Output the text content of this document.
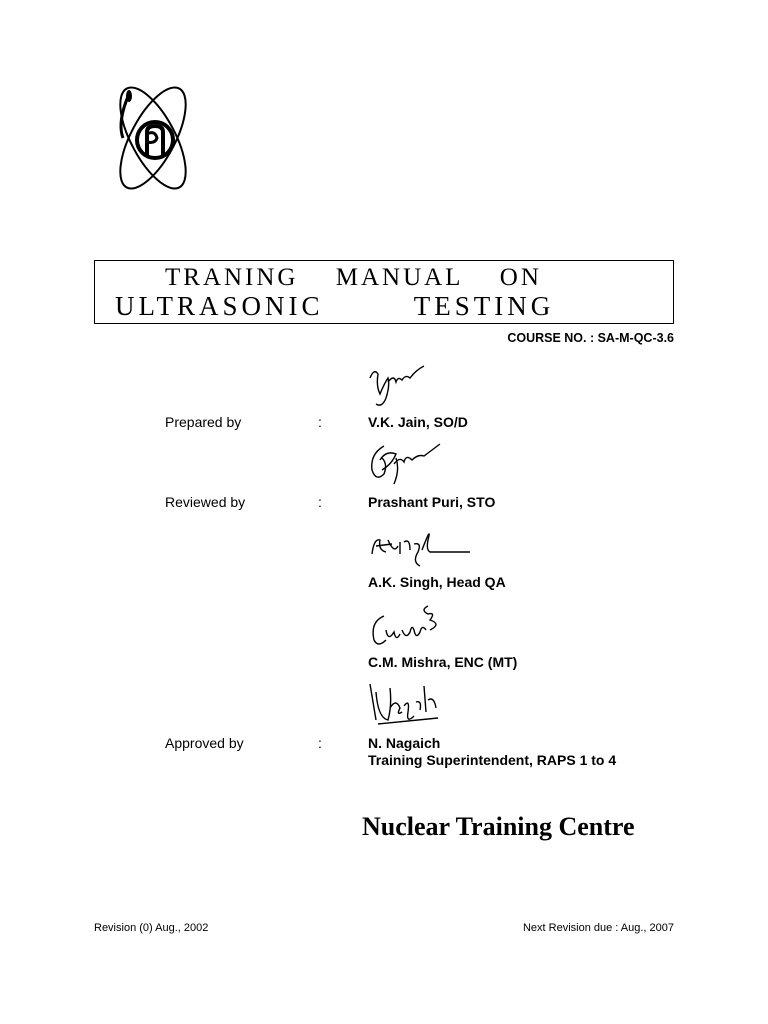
TRANING MANUAL ON
ULTRASONIC TESTING
COURSE NO. : SA-M-QC-3.6
Prepared by	:	V.K. Jain, SO/D
Reviewed by	:	Prashant Puri, STO
A.K. Singh, Head QA
C.M. Mishra, ENC (MT)
Approved by	:	N. Nagaich
Training Superintendent, RAPS 1 to 4
Nuclear Training Centre
Revision (0) Aug., 2002	Next Revision due : Aug., 2007
